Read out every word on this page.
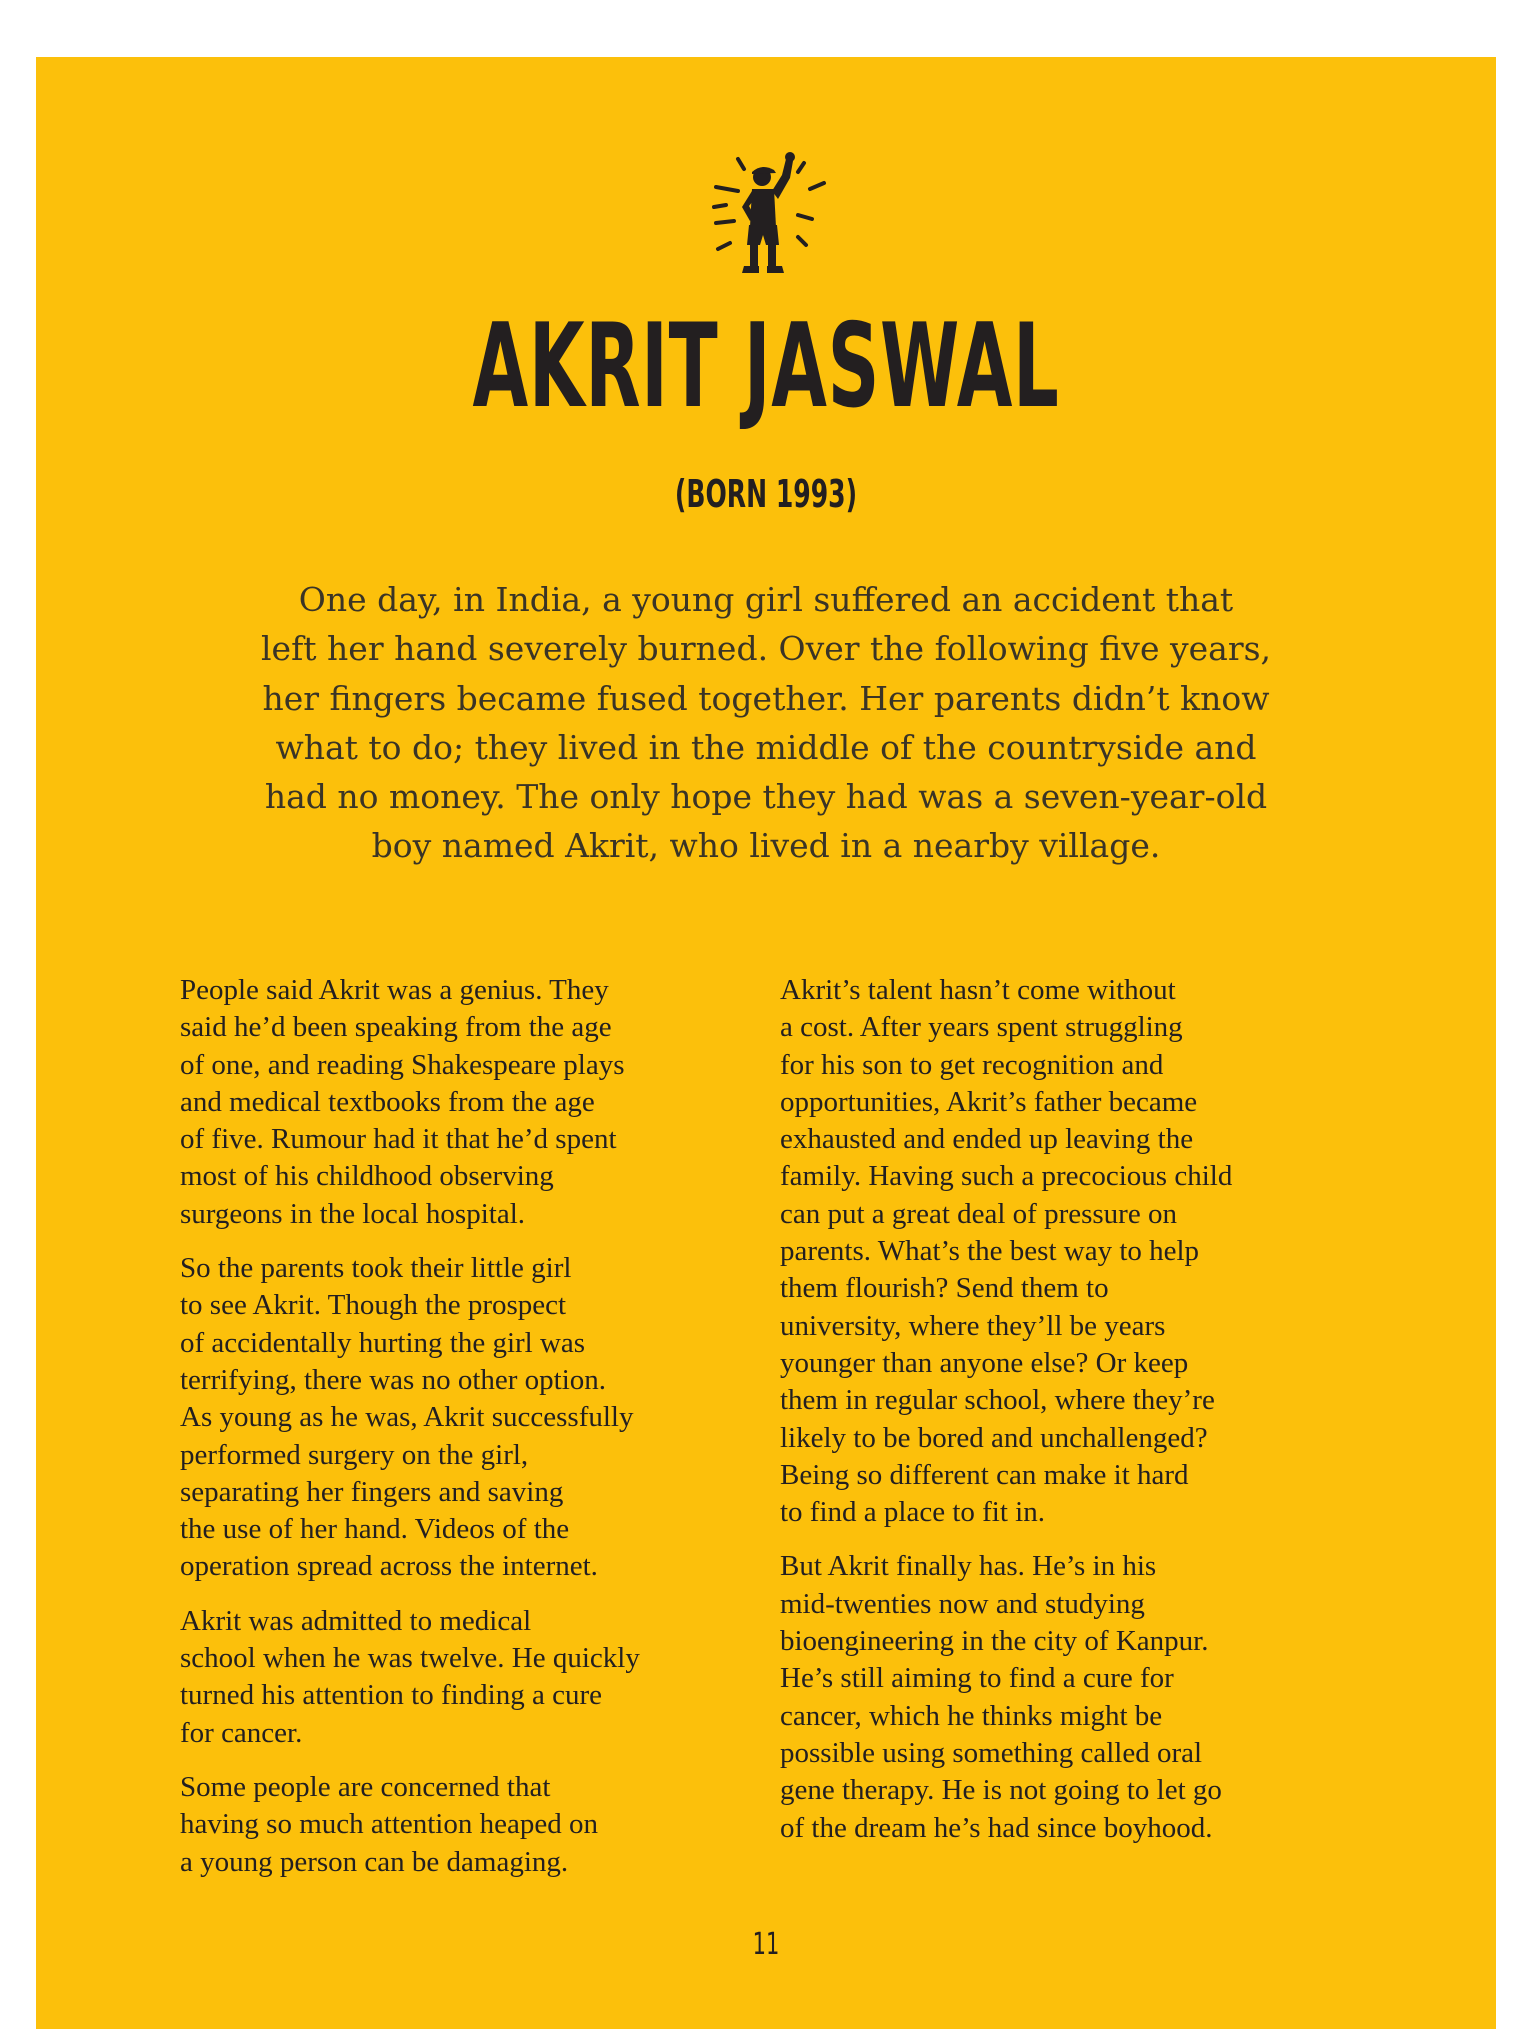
AKRIT JASWAL
(BORN 1993)

One day, in India, a young girl suffered an accident that
left her hand severely burned. Over the following five years,
her fingers became fused together. Her parents didn’t know
what to do; they lived in the middle of the countryside and
had no money. The only hope they had was a seven-year-old
boy named Akrit, who lived in a nearby village.

People said Akrit was a genius. They
said he’d been speaking from the age
of one, and reading Shakespeare plays
and medical textbooks from the age
of five. Rumour had it that he’d spent
most of his childhood observing
surgeons in the local hospital.

So the parents took their little girl
to see Akrit. Though the prospect
of accidentally hurting the girl was
terrifying, there was no other option.
As young as he was, Akrit successfully
performed surgery on the girl,
separating her fingers and saving
the use of her hand. Videos of the
operation spread across the internet.

Akrit was admitted to medical
school when he was twelve. He quickly
turned his attention to finding a cure
for cancer.

Some people are concerned that
having so much attention heaped on
a young person can be damaging.

Akrit’s talent hasn’t come without
a cost. After years spent struggling
for his son to get recognition and
opportunities, Akrit’s father became
exhausted and ended up leaving the
family. Having such a precocious child
can put a great deal of pressure on
parents. What’s the best way to help
them flourish? Send them to
university, where they’ll be years
younger than anyone else? Or keep
them in regular school, where they’re
likely to be bored and unchallenged?
Being so different can make it hard
to find a place to fit in.

But Akrit finally has. He’s in his
mid-twenties now and studying
bioengineering in the city of Kanpur.
He’s still aiming to find a cure for
cancer, which he thinks might be
possible using something called oral
gene therapy. He is not going to let go
of the dream he’s had since boyhood.

11
